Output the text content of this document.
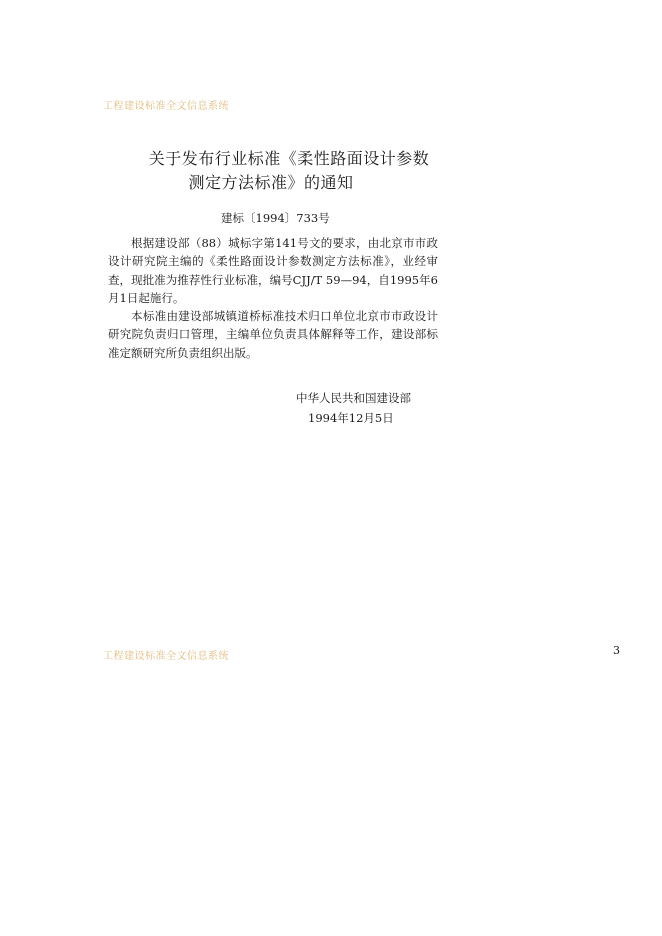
工程建设标准全文信息系统
关于发布行业标准《柔性路面设计参数
测定方法标准》的通知
建标〔1994〕733号

根据建设部（88）城标字第141号文的要求，由北京市市政设计研究院主编的《柔性路面设计参数测定方法标准》，业经审查，现批准为推荐性行业标准，编号CJJ/T 59—94，自1995年6月1日起施行。

本标准由建设部城镇道桥标准技术归口单位北京市市政设计研究院负责归口管理，主编单位负责具体解释等工作，建设部标准定额研究所负责组织出版。

中华人民共和国建设部
1994年12月5日
工程建设标准全文信息系统	3
